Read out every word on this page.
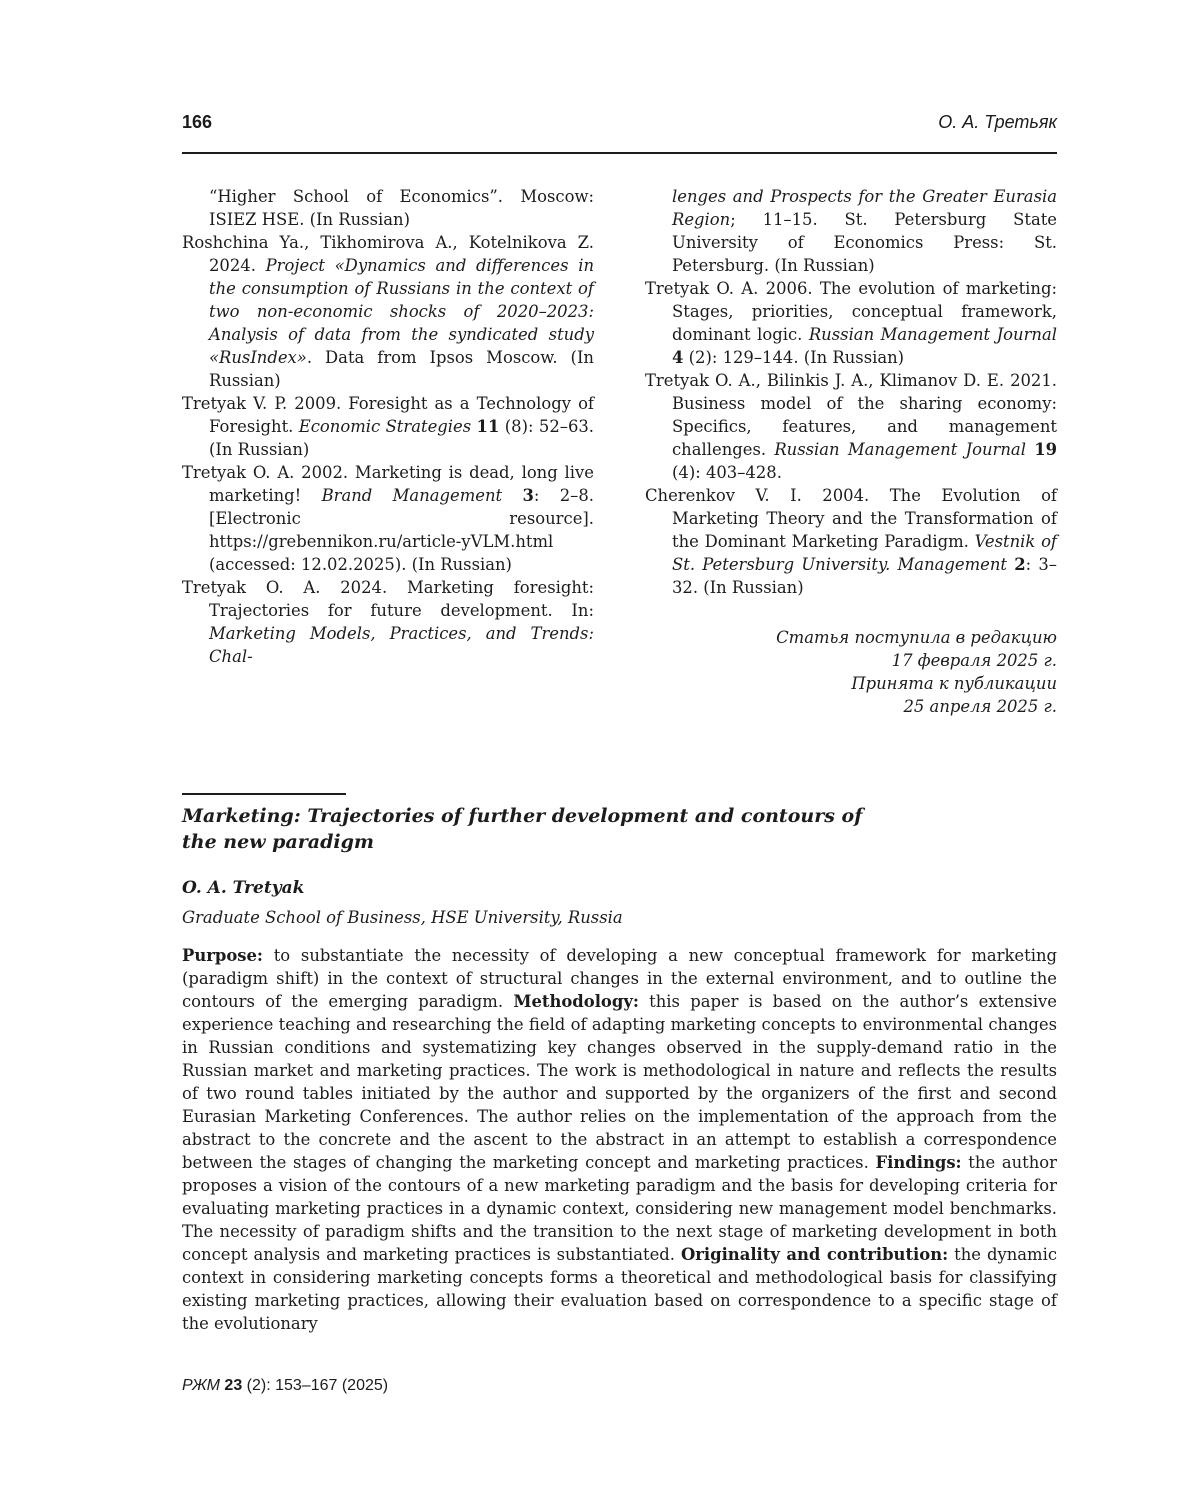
166	О. А. Третьяк

“Higher School of Economics”. Moscow: ISIEZ HSE. (In Russian)

Roshchina Ya., Tikhomirova A., Kotelnikova Z. 2024. Project «Dynamics and differences in the consumption of Russians in the context of two non-economic shocks of 2020–2023: Analysis of data from the syndicated study «RusIndex». Data from Ipsos Moscow. (In Russian)

Tretyak V. P. 2009. Foresight as a Technology of Foresight. Economic Strategies 11 (8): 52–63. (In Russian)

Tretyak O. A. 2002. Marketing is dead, long live marketing! Brand Management 3: 2–8. [Electronic resource]. https://grebennikon.ru/article-yVLM.html (accessed: 12.02.2025). (In Russian)

Tretyak O. A. 2024. Marketing foresight: Trajectories for future development. In: Marketing Models, Practices, and Trends: Chal-

lenges and Prospects for the Greater Eurasia Region; 11–15. St. Petersburg State University of Economics Press: St. Petersburg. (In Russian)

Tretyak O. A. 2006. The evolution of marketing: Stages, priorities, conceptual framework, dominant logic. Russian Management Journal 4 (2): 129–144. (In Russian)

Tretyak O. A., Bilinkis J. A., Klimanov D. E. 2021. Business model of the sharing economy: Specifics, features, and management challenges. Russian Management Journal 19 (4): 403–428.

Cherenkov V. I. 2004. The Evolution of Marketing Theory and the Transformation of the Dominant Marketing Paradigm. Vestnik of St. Petersburg University. Management 2: 3–32. (In Russian)

Статья поступила в редакцию
17 февраля 2025 г.
Принята к публикации
25 апреля 2025 г.

Marketing: Trajectories of further development and contours of the new paradigm

O. A. Tretyak
Graduate School of Business, HSE University, Russia

Purpose: to substantiate the necessity of developing a new conceptual framework for marketing (paradigm shift) in the context of structural changes in the external environment, and to outline the contours of the emerging paradigm. Methodology: this paper is based on the author’s extensive experience teaching and researching the field of adapting marketing concepts to environmental changes in Russian conditions and systematizing key changes observed in the supply-demand ratio in the Russian market and marketing practices. The work is methodological in nature and reflects the results of two round tables initiated by the author and supported by the organizers of the first and second Eurasian Marketing Conferences. The author relies on the implementation of the approach from the abstract to the concrete and the ascent to the abstract in an attempt to establish a correspondence between the stages of changing the marketing concept and marketing practices. Findings: the author proposes a vision of the contours of a new marketing paradigm and the basis for developing criteria for evaluating marketing practices in a dynamic context, considering new management model benchmarks. The necessity of paradigm shifts and the transition to the next stage of marketing development in both concept analysis and marketing practices is substantiated. Originality and contribution: the dynamic context in considering marketing concepts forms a theoretical and methodological basis for classifying existing marketing practices, allowing their evaluation based on correspondence to a specific stage of the evolutionary

РЖМ 23 (2): 153–167 (2025)
